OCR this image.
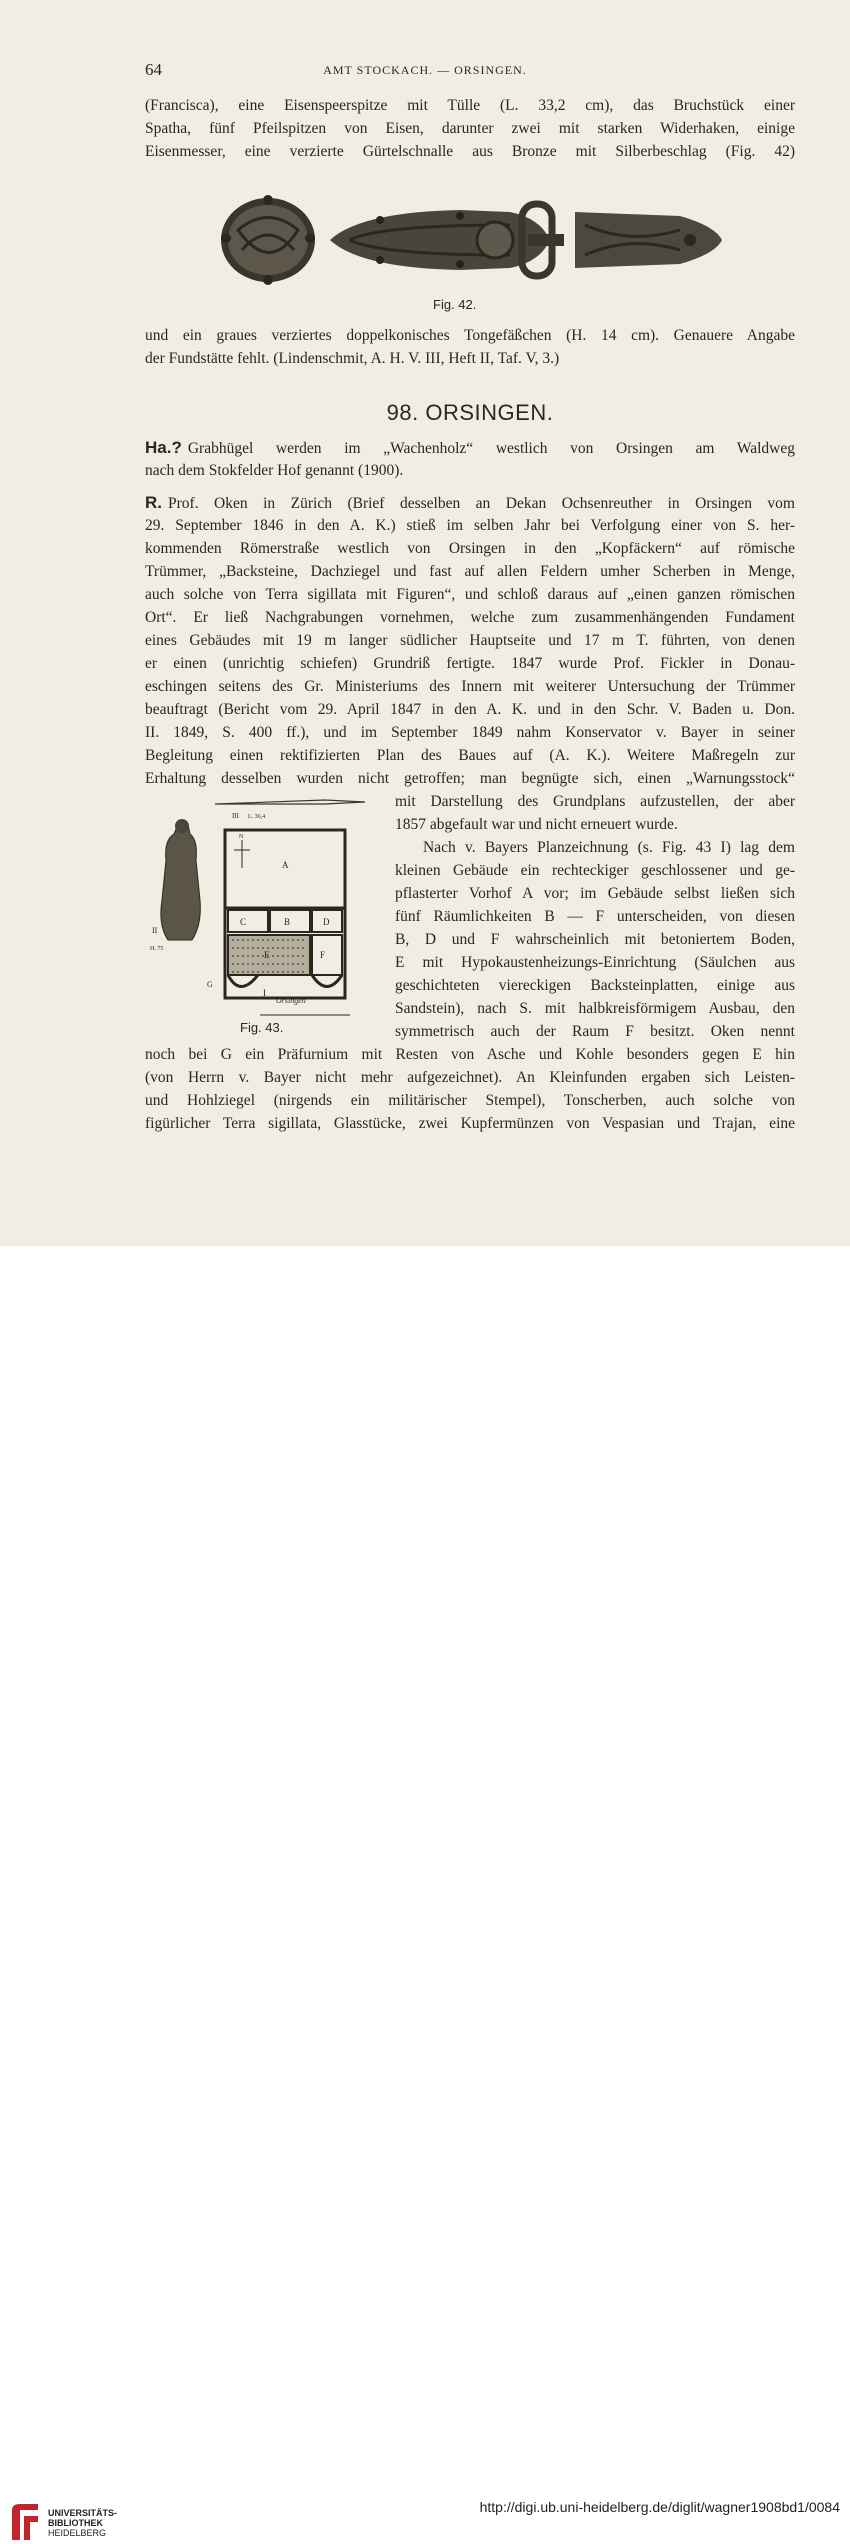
64	AMT STOCKACH. — ORSINGEN.

(Francisca), eine Eisenspeerspitze mit Tülle (L. 33,2 cm), das Bruchstück einer

Spatha, fünf Pfeilspitzen von Eisen, darunter zwei mit starken Widerhaken, einige

Eisenmesser, eine verzierte Gürtelschnalle aus Bronze mit Silberbeschlag (Fig. 42)

Fig. 42.

und ein graues verziertes doppelkonisches Tongefäßchen (H. 14 cm). Genauere Angabe

der Fundstätte fehlt. (Lindenschmit, A. H. V. III, Heft II, Taf. V, 3.)

98. ORSINGEN.

Ha.? Grabhügel werden im „Wachenholz“ westlich von Orsingen am Waldweg

nach dem Stokfelder Hof genannt (1900).

R. Prof. Oken in Zürich (Brief desselben an Dekan Ochsenreuther in Orsingen vom

29. September 1846 in den A. K.) stieß im selben Jahr bei Verfolgung einer von S. her-

kommenden Römerstraße westlich von Orsingen in den „Kopfäckern“ auf römische

Trümmer, „Backsteine, Dachziegel und fast auf allen Feldern umher Scherben in Menge,

auch solche von Terra sigillata mit Figuren“, und schloß daraus auf „einen ganzen römischen

Ort“. Er ließ Nachgrabungen vornehmen, welche zum zusammenhängenden Fundament

eines Gebäudes mit 19 m langer südlicher Hauptseite und 17 m T. führten, von denen

er einen (unrichtig schiefen) Grundriß fertigte. 1847 wurde Prof. Fickler in Donau-

eschingen seitens des Gr. Ministeriums des Innern mit weiterer Untersuchung der Trümmer

beauftragt (Bericht vom 29. April 1847 in den A. K. und in den Schr. V. Baden u. Don.

II. 1849, S. 400 ff.), und im September 1849 nahm Konservator v. Bayer in seiner

Begleitung einen rektifizierten Plan des Baues auf (A. K.). Weitere Maßregeln zur

Erhaltung desselben wurden nicht getroffen; man begnügte sich, einen „Warnungsstock“

mit Darstellung des Grundplans aufzustellen, der aber

1857 abgefault war und nicht erneuert wurde.

Nach v. Bayers Planzeichnung (s. Fig. 43 I) lag dem

kleinen Gebäude ein rechteckiger geschlossener und ge-

pflasterter Vorhof A vor; im Gebäude selbst ließen sich

fünf Räumlichkeiten B — F unterscheiden, von diesen

B, D und F wahrscheinlich mit betoniertem Boden,

E mit Hypokaustenheizungs-Einrichtung (Säulchen aus

geschichteten viereckigen Backsteinplatten, einige aus

Sandstein), nach S. mit halbkreisförmigem Ausbau, den

symmetrisch auch der Raum F besitzt. Oken nennt

noch bei G ein Präfurnium mit Resten von Asche und Kohle besonders gegen E hin

(von Herrn v. Bayer nicht mehr aufgezeichnet). An Kleinfunden ergaben sich Leisten-

und Hohlziegel (nirgends ein militärischer Stempel), Tonscherben, auch solche von

figürlicher Terra sigillata, Glasstücke, zwei Kupfermünzen von Vespasian und Trajan, eine

III L. 36,4
II
H. 75
A
N
C	B	D
E	F
G
I
Orsingen
Fig. 43.
UNIVERSITÄTS-
BIBLIOTHEK
HEIDELBERG
http://digi.ub.uni-heidelberg.de/diglit/wagner1908bd1/0084
